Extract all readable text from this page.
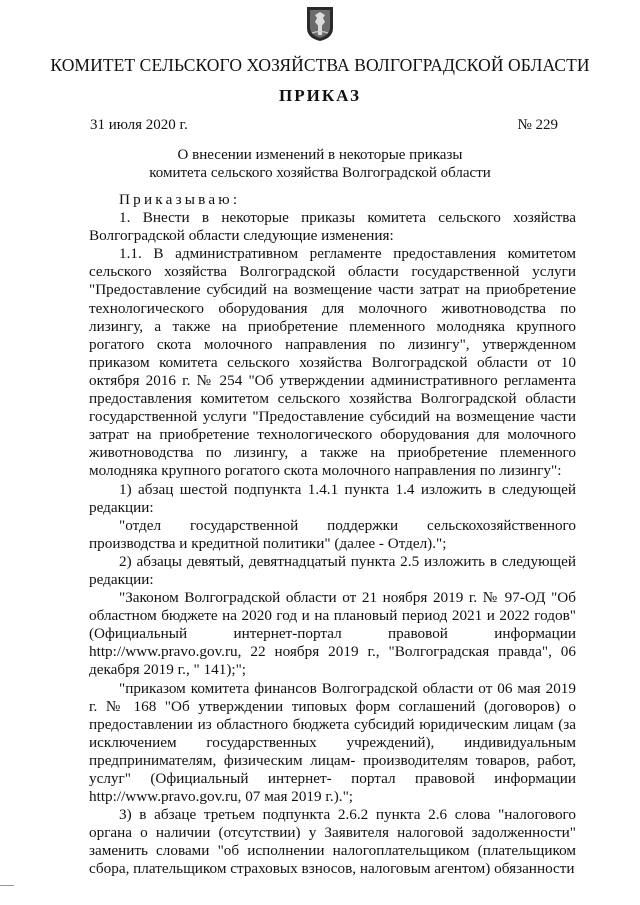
КОМИТЕТ СЕЛЬСКОГО ХОЗЯЙСТВА ВОЛГОГРАДСКОЙ ОБЛАСТИ
ПРИКАЗ
31 июля 2020 г.	№ 229
О внесении изменений в некоторые приказы
комитета сельского хозяйства Волгоградской области

Приказываю:

1. Внести в некоторые приказы комитета сельского хозяйства Волгоградской области следующие изменения:

1.1. В административном регламенте предоставления комитетом сельского хозяйства Волгоградской области государственной услуги "Предоставление субсидий на возмещение части затрат на приобретение технологического оборудования для молочного животноводства по лизингу, а также на приобретение племенного молодняка крупного рогатого скота молочного направления по лизингу", утвержденном приказом комитета сельского хозяйства Волгоградской области от 10 октября 2016 г. № 254 "Об утверждении административного регламента предоставления комитетом сельского хозяйства Волгоградской области государственной услуги "Предоставление субсидий на возмещение части затрат на приобретение технологического оборудования для молочного животноводства по лизингу, а также на приобретение племенного молодняка крупного рогатого скота молочного направления по лизингу":

1) абзац шестой подпункта 1.4.1 пункта 1.4 изложить в следующей редакции:

"отдел государственной поддержки сельскохозяйственного производства и кредитной политики" (далее - Отдел).";

2) абзацы девятый, девятнадцатый пункта 2.5 изложить в следующей редакции:

"Законом Волгоградской области от 21 ноября 2019 г. № 97-ОД "Об областном бюджете на 2020 год и на плановый период 2021 и 2022 годов" (Официальный интернет-портал правовой информации http://www.pravo.gov.ru, 22 ноября 2019 г., "Волгоградская правда", 06 декабря 2019 г., " 141);";

"приказом комитета финансов Волгоградской области от 06 мая 2019 г. № 168 "Об утверждении типовых форм соглашений (договоров) о предоставлении из областного бюджета субсидий юридическим лицам (за исключением государственных учреждений), индивидуальным предпринимателям, физическим лицам- производителям товаров, работ, услуг" (Официальный интернет- портал правовой информации http://www.pravo.gov.ru, 07 мая 2019 г.).";

3) в абзаце третьем подпункта 2.6.2 пункта 2.6 слова "налогового органа о наличии (отсутствии) у Заявителя налоговой задолженности" заменить словами "об исполнении налогоплательщиком (плательщиком сбора, плательщиком страховых взносов, налоговым агентом) обязанности
